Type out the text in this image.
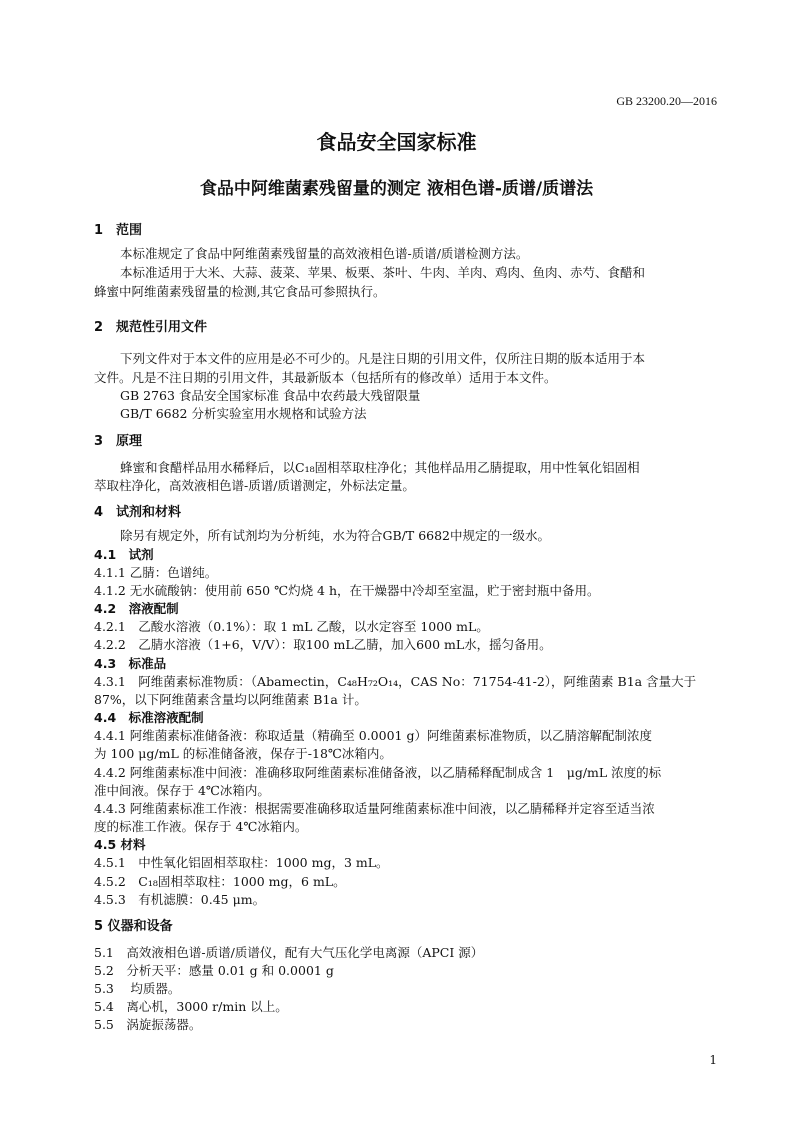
GB 23200.20—2016
食品安全国家标准
食品中阿维菌素残留量的测定 液相色谱-质谱/质谱法
1　范围
本标准规定了食品中阿维菌素残留量的高效液相色谱-质谱/质谱检测方法。
本标准适用于大米、大蒜、菠菜、苹果、板栗、茶叶、牛肉、羊肉、鸡肉、鱼肉、赤芍、食醋和
蜂蜜中阿维菌素残留量的检测,其它食品可参照执行。
2　规范性引用文件
下列文件对于本文件的应用是必不可少的。凡是注日期的引用文件，仅所注日期的版本适用于本
文件。凡是不注日期的引用文件，其最新版本（包括所有的修改单）适用于本文件。
GB 2763 食品安全国家标准 食品中农药最大残留限量
GB/T 6682 分析实验室用水规格和试验方法
3　原理
蜂蜜和食醋样品用水稀释后，以C₁₈固相萃取柱净化；其他样品用乙腈提取，用中性氧化铝固相
萃取柱净化，高效液相色谱-质谱/质谱测定，外标法定量。
4　试剂和材料
除另有规定外，所有试剂均为分析纯，水为符合GB/T 6682中规定的一级水。
4.1　试剂
4.1.1 乙腈：色谱纯。
4.1.2 无水硫酸钠：使用前 650 ℃灼烧 4 h，在干燥器中冷却至室温，贮于密封瓶中备用。
4.2　溶液配制
4.2.1　乙酸水溶液（0.1%）：取 1 mL 乙酸，以水定容至 1000 mL。
4.2.2　乙腈水溶液（1+6，V/V）：取100 mL乙腈，加入600 mL水，摇匀备用。
4.3　标准品
4.3.1　阿维菌素标准物质：（Abamectin，C₄₈H₇₂O₁₄，CAS No：71754-41-2），阿维菌素 B1a 含量大于
87%，以下阿维菌素含量均以阿维菌素 B1a 计。
4.4　标准溶液配制
4.4.1 阿维菌素标准储备液：称取适量（精确至 0.0001 g）阿维菌素标准物质，以乙腈溶解配制浓度
为 100 μg/mL 的标准储备液，保存于-18℃冰箱内。
4.4.2 阿维菌素标准中间液：准确移取阿维菌素标准储备液，以乙腈稀释配制成含 1　μg/mL 浓度的标
准中间液。保存于 4℃冰箱内。
4.4.3 阿维菌素标准工作液：根据需要准确移取适量阿维菌素标准中间液，以乙腈稀释并定容至适当浓
度的标准工作液。保存于 4℃冰箱内。
4.5 材料
4.5.1　中性氧化铝固相萃取柱：1000 mg，3 mL。
4.5.2　C₁₈固相萃取柱：1000 mg，6 mL。
4.5.3　有机滤膜：0.45 μm。
5 仪器和设备
5.1　高效液相色谱-质谱/质谱仪，配有大气压化学电离源（APCI 源）
5.2　分析天平：感量 0.01 g 和 0.0001 g
5.3　 均质器。
5.4　离心机，3000 r/min 以上。
5.5　涡旋振荡器。
1
